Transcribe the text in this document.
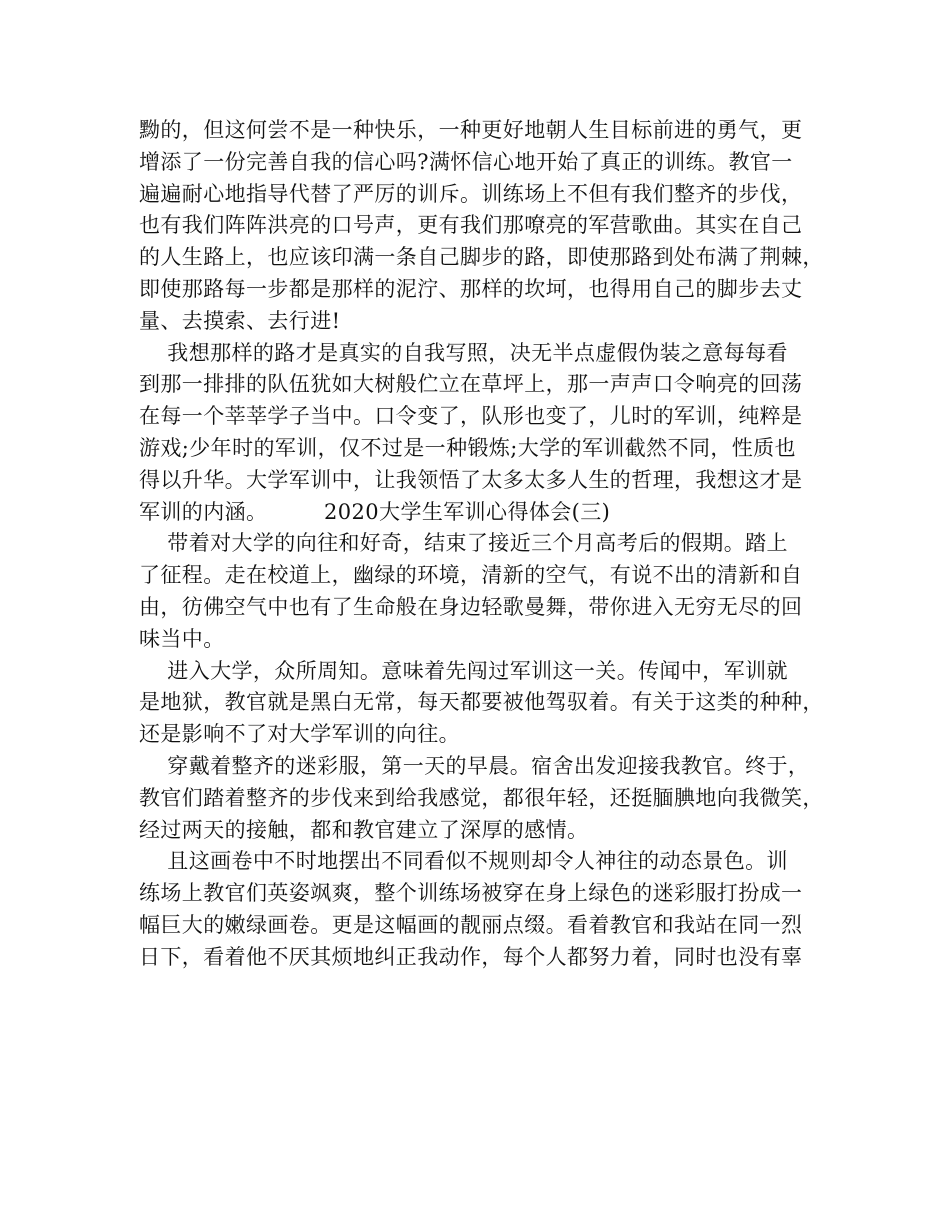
黝的，但这何尝不是一种快乐，一种更好地朝人生目标前进的勇气，更
增添了一份完善自我的信心吗?满怀信心地开始了真正的训练。教官一
遍遍耐心地指导代替了严厉的训斥。训练场上不但有我们整齐的步伐，
也有我们阵阵洪亮的口号声，更有我们那嘹亮的军营歌曲。其实在自己
的人生路上，也应该印满一条自己脚步的路，即使那路到处布满了荆棘，
即使那路每一步都是那样的泥泞、那样的坎坷，也得用自己的脚步去丈
量、去摸索、去行进!
我想那样的路才是真实的自我写照，决无半点虚假伪装之意每每看
到那一排排的队伍犹如大树般伫立在草坪上，那一声声口令响亮的回荡
在每一个莘莘学子当中。口令变了，队形也变了，儿时的军训，纯粹是
游戏;少年时的军训，仅不过是一种锻炼;大学的军训截然不同，性质也
得以升华。大学军训中，让我领悟了太多太多人生的哲理，我想这才是
军训的内涵。        2020大学生军训心得体会(三)
带着对大学的向往和好奇，结束了接近三个月高考后的假期。踏上
了征程。走在校道上，幽绿的环境，清新的空气，有说不出的清新和自
由，彷佛空气中也有了生命般在身边轻歌曼舞，带你进入无穷无尽的回
味当中。
进入大学，众所周知。意味着先闯过军训这一关。传闻中，军训就
是地狱，教官就是黑白无常，每天都要被他驾驭着。有关于这类的种种，
还是影响不了对大学军训的向往。
穿戴着整齐的迷彩服，第一天的早晨。宿舍出发迎接我教官。终于，
教官们踏着整齐的步伐来到给我感觉，都很年轻，还挺腼腆地向我微笑，
经过两天的接触，都和教官建立了深厚的感情。
且这画卷中不时地摆出不同看似不规则却令人神往的动态景色。训
练场上教官们英姿飒爽，整个训练场被穿在身上绿色的迷彩服打扮成一
幅巨大的嫩绿画卷。更是这幅画的靓丽点缀。看着教官和我站在同一烈
日下，看着他不厌其烦地纠正我动作，每个人都努力着，同时也没有辜
